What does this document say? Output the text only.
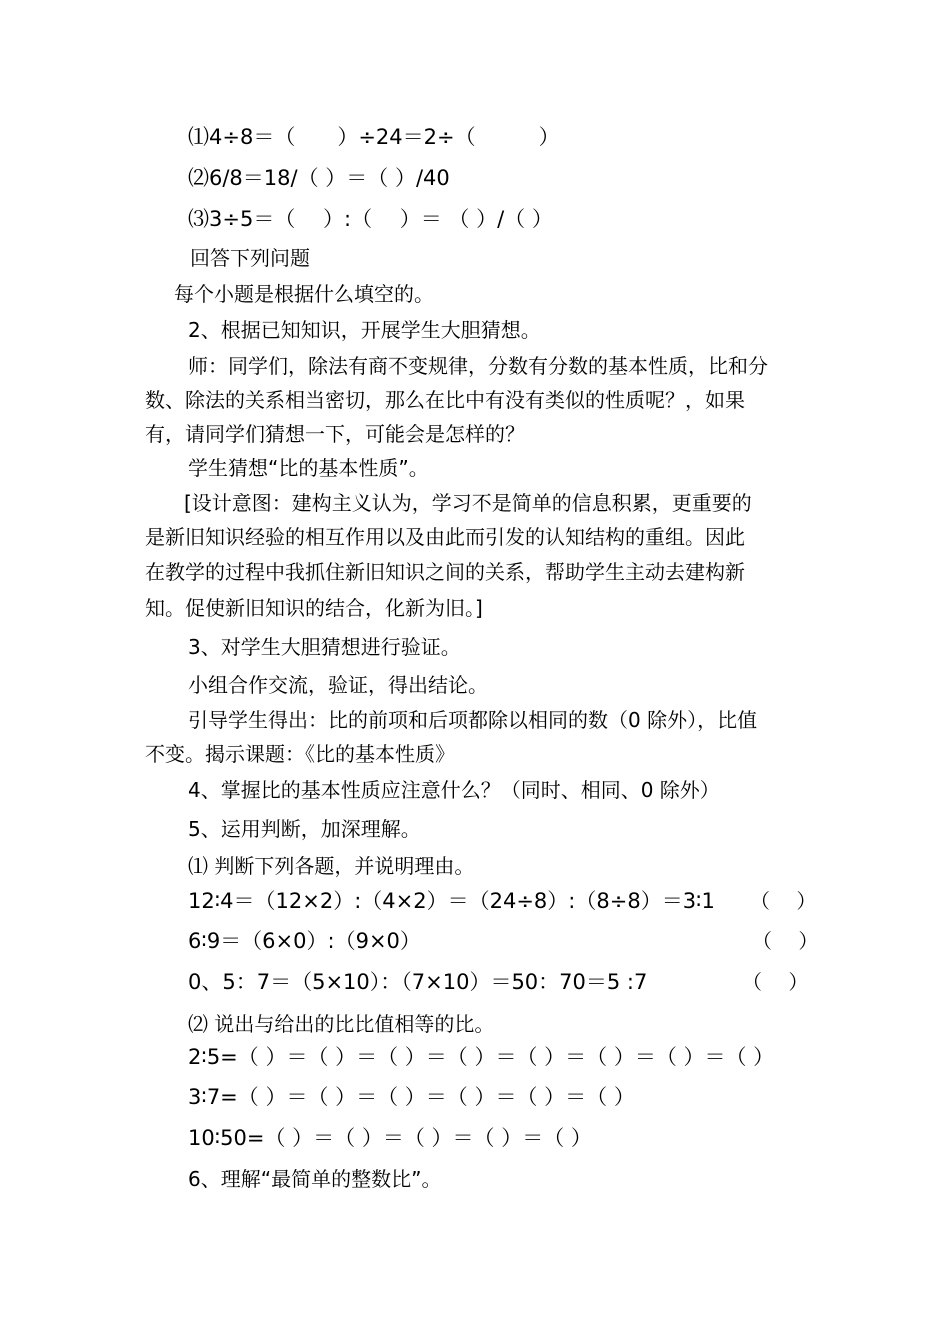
⑴4÷8＝（　　）÷24＝2÷（　　　）
⑵6/8＝18/（ ）＝（ ）/40
⑶3÷5＝（　 ）:（　 ）＝ （ ）/（ ）
回答下列问题
每个小题是根据什么填空的。
2、根据已知知识，开展学生大胆猜想。
师：同学们，除法有商不变规律，分数有分数的基本性质，比和分
数、除法的关系相当密切，那么在比中有没有类似的性质呢？，如果
有，请同学们猜想一下，可能会是怎样的？
学生猜想“比的基本性质”。
[设计意图：建构主义认为，学习不是简单的信息积累，更重要的
是新旧知识经验的相互作用以及由此而引发的认知结构的重组。因此
在教学的过程中我抓住新旧知识之间的关系，帮助学生主动去建构新
知。促使新旧知识的结合，化新为旧。]
3、对学生大胆猜想进行验证。
小组合作交流，验证，得出结论。
引导学生得出：比的前项和后项都除以相同的数（0 除外），比值
不变。揭示课题：《比的基本性质》
4、掌握比的基本性质应注意什么？（同时、相同、0 除外）
5、运用判断，加深理解。
⑴ 判断下列各题，并说明理由。
12∶4＝（12×2）:（4×2）＝（24÷8）:（8÷8）＝3∶1 （　 ）
6∶9＝（6×0）:（9×0）	（　 ）
0、5：7＝（5×10）：（7×10）＝50：70＝5 :7	（　 ）
⑵ 说出与给出的比比值相等的比。
2∶5=（ ）＝（ ）＝（ ）＝（ ）＝（ ）＝（ ）＝（ ）＝（ ）
3∶7=（ ）＝（ ）＝（ ）＝（ ）＝（ ）＝（ ）
10∶50=（ ）＝（ ）＝（ ）＝（ ）＝（ ）
6、理解“最简单的整数比”。
